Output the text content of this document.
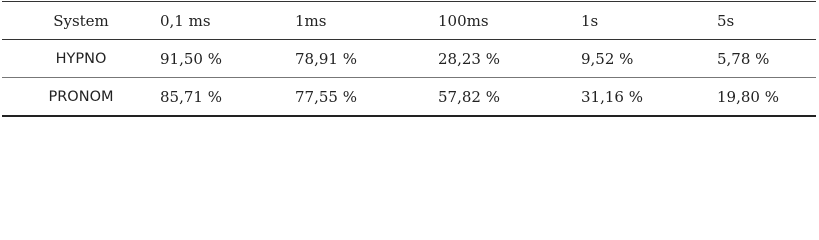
System	0,1 ms	1ms	100ms	1s	5s
HYPNO	91,50 %	78,91 %	28,23 %	9,52 %	5,78 %
PRONOM	85,71 %	77,55 %	57,82 %	31,16 %	19,80 %
